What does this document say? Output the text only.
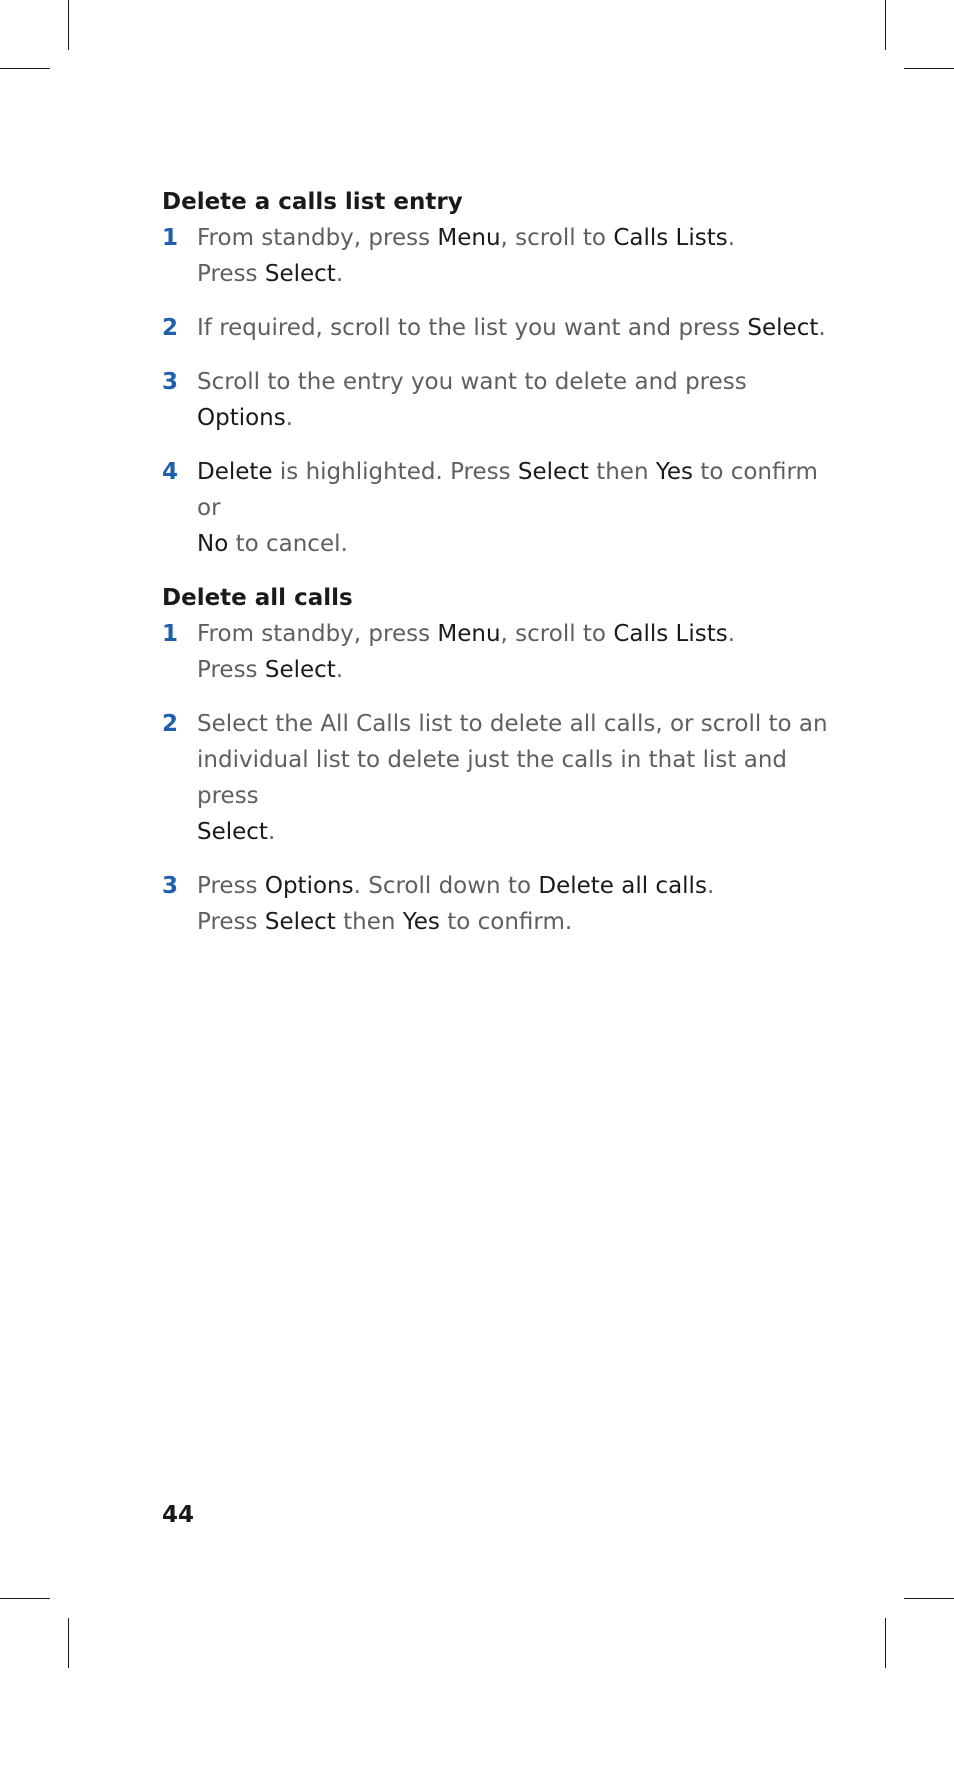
Delete a calls list entry
1 From standby, press Menu, scroll to Calls Lists.
Press Select.
2 If required, scroll to the list you want and press Select.
3 Scroll to the entry you want to delete and press Options.
4 Delete is highlighted. Press Select then Yes to confirm or
No to cancel.
Delete all calls
1 From standby, press Menu, scroll to Calls Lists.
Press Select.
2 Select the All Calls list to delete all calls, or scroll to an
individual list to delete just the calls in that list and press
Select.
3 Press Options. Scroll down to Delete all calls.
Press Select then Yes to confirm.
44
